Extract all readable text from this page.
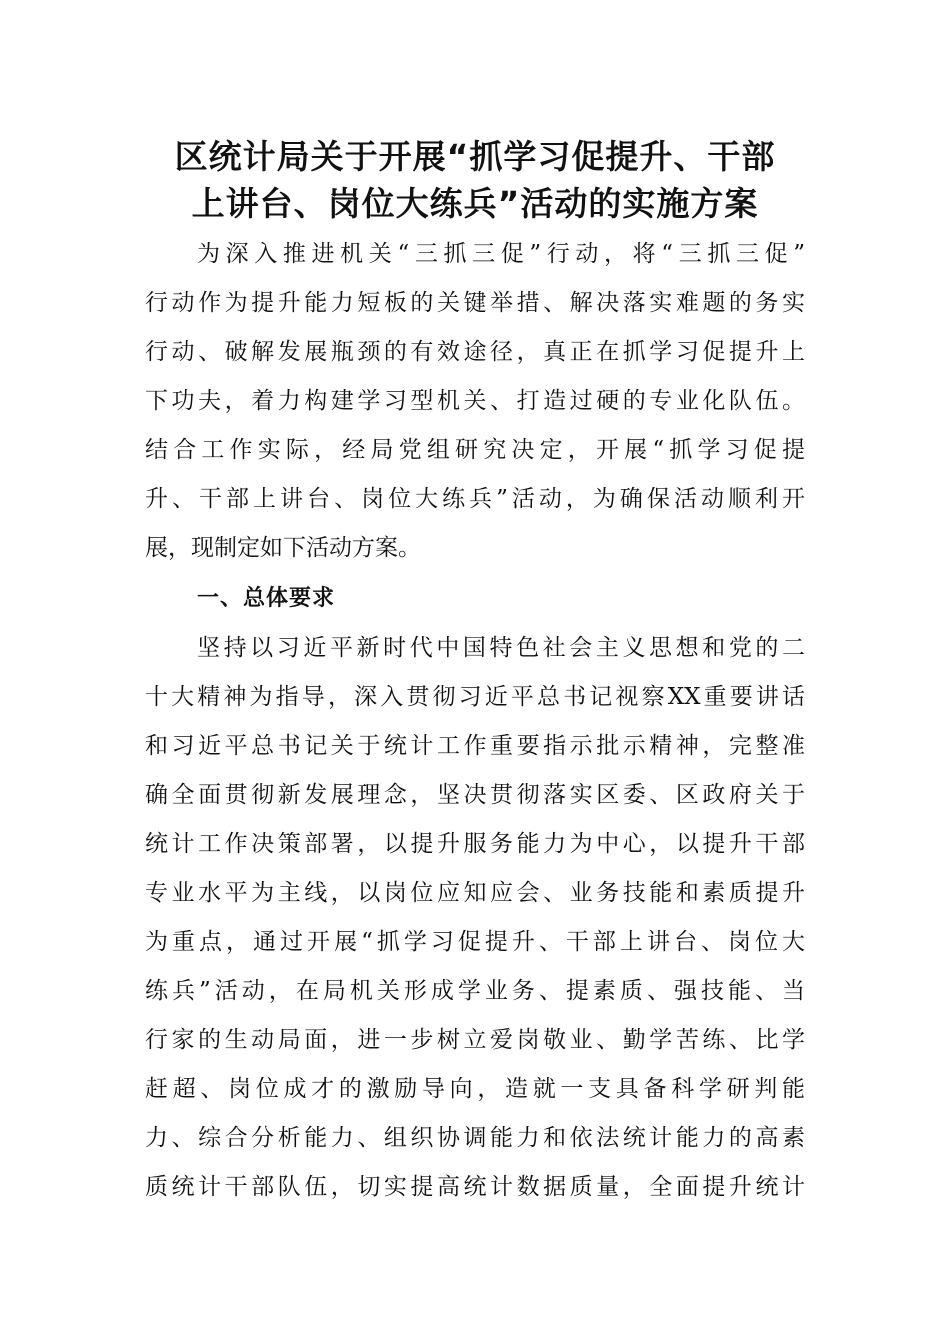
区统计局关于开展“抓学习促提升、干部
上讲台、岗位大练兵”活动的实施方案

为深入推进机关“三抓三促”行动，将“三抓三促”

行动作为提升能力短板的关键举措、解决落实难题的务实

行动、破解发展瓶颈的有效途径，真正在抓学习促提升上

下功夫，着力构建学习型机关、打造过硬的专业化队伍。

结合工作实际，经局党组研究决定，开展“抓学习促提

升、干部上讲台、岗位大练兵”活动，为确保活动顺利开

展，现制定如下活动方案。

一、总体要求

坚持以习近平新时代中国特色社会主义思想和党的二

十大精神为指导，深入贯彻习近平总书记视察XX重要讲话

和习近平总书记关于统计工作重要指示批示精神，完整准

确全面贯彻新发展理念，坚决贯彻落实区委、区政府关于

统计工作决策部署，以提升服务能力为中心，以提升干部

专业水平为主线，以岗位应知应会、业务技能和素质提升

为重点，通过开展“抓学习促提升、干部上讲台、岗位大

练兵”活动，在局机关形成学业务、提素质、强技能、当

行家的生动局面，进一步树立爱岗敬业、勤学苦练、比学

赶超、岗位成才的激励导向，造就一支具备科学研判能

力、综合分析能力、组织协调能力和依法统计能力的高素

质统计干部队伍，切实提高统计数据质量，全面提升统计
